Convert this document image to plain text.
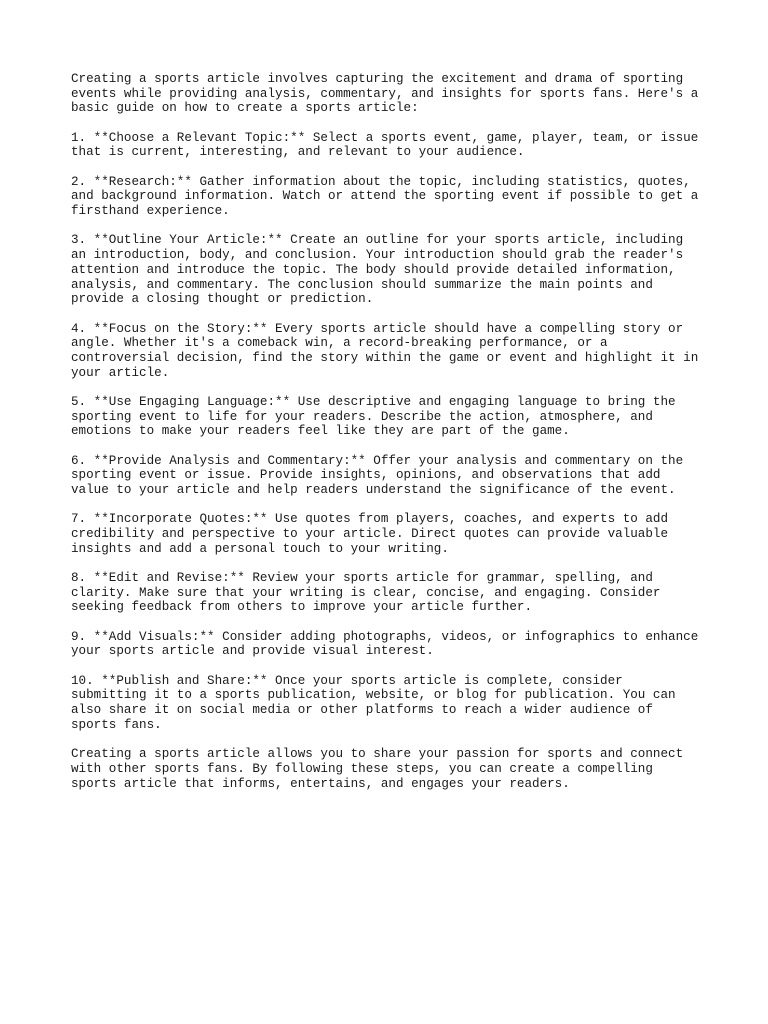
Creating a sports article involves capturing the excitement and drama of sporting
events while providing analysis, commentary, and insights for sports fans. Here's a
basic guide on how to create a sports article:

1. **Choose a Relevant Topic:** Select a sports event, game, player, team, or issue
that is current, interesting, and relevant to your audience.

2. **Research:** Gather information about the topic, including statistics, quotes,
and background information. Watch or attend the sporting event if possible to get a
firsthand experience.

3. **Outline Your Article:** Create an outline for your sports article, including
an introduction, body, and conclusion. Your introduction should grab the reader's
attention and introduce the topic. The body should provide detailed information,
analysis, and commentary. The conclusion should summarize the main points and
provide a closing thought or prediction.

4. **Focus on the Story:** Every sports article should have a compelling story or
angle. Whether it's a comeback win, a record-breaking performance, or a
controversial decision, find the story within the game or event and highlight it in
your article.

5. **Use Engaging Language:** Use descriptive and engaging language to bring the
sporting event to life for your readers. Describe the action, atmosphere, and
emotions to make your readers feel like they are part of the game.

6. **Provide Analysis and Commentary:** Offer your analysis and commentary on the
sporting event or issue. Provide insights, opinions, and observations that add
value to your article and help readers understand the significance of the event.

7. **Incorporate Quotes:** Use quotes from players, coaches, and experts to add
credibility and perspective to your article. Direct quotes can provide valuable
insights and add a personal touch to your writing.

8. **Edit and Revise:** Review your sports article for grammar, spelling, and
clarity. Make sure that your writing is clear, concise, and engaging. Consider
seeking feedback from others to improve your article further.

9. **Add Visuals:** Consider adding photographs, videos, or infographics to enhance
your sports article and provide visual interest.

10. **Publish and Share:** Once your sports article is complete, consider
submitting it to a sports publication, website, or blog for publication. You can
also share it on social media or other platforms to reach a wider audience of
sports fans.

Creating a sports article allows you to share your passion for sports and connect
with other sports fans. By following these steps, you can create a compelling
sports article that informs, entertains, and engages your readers.
